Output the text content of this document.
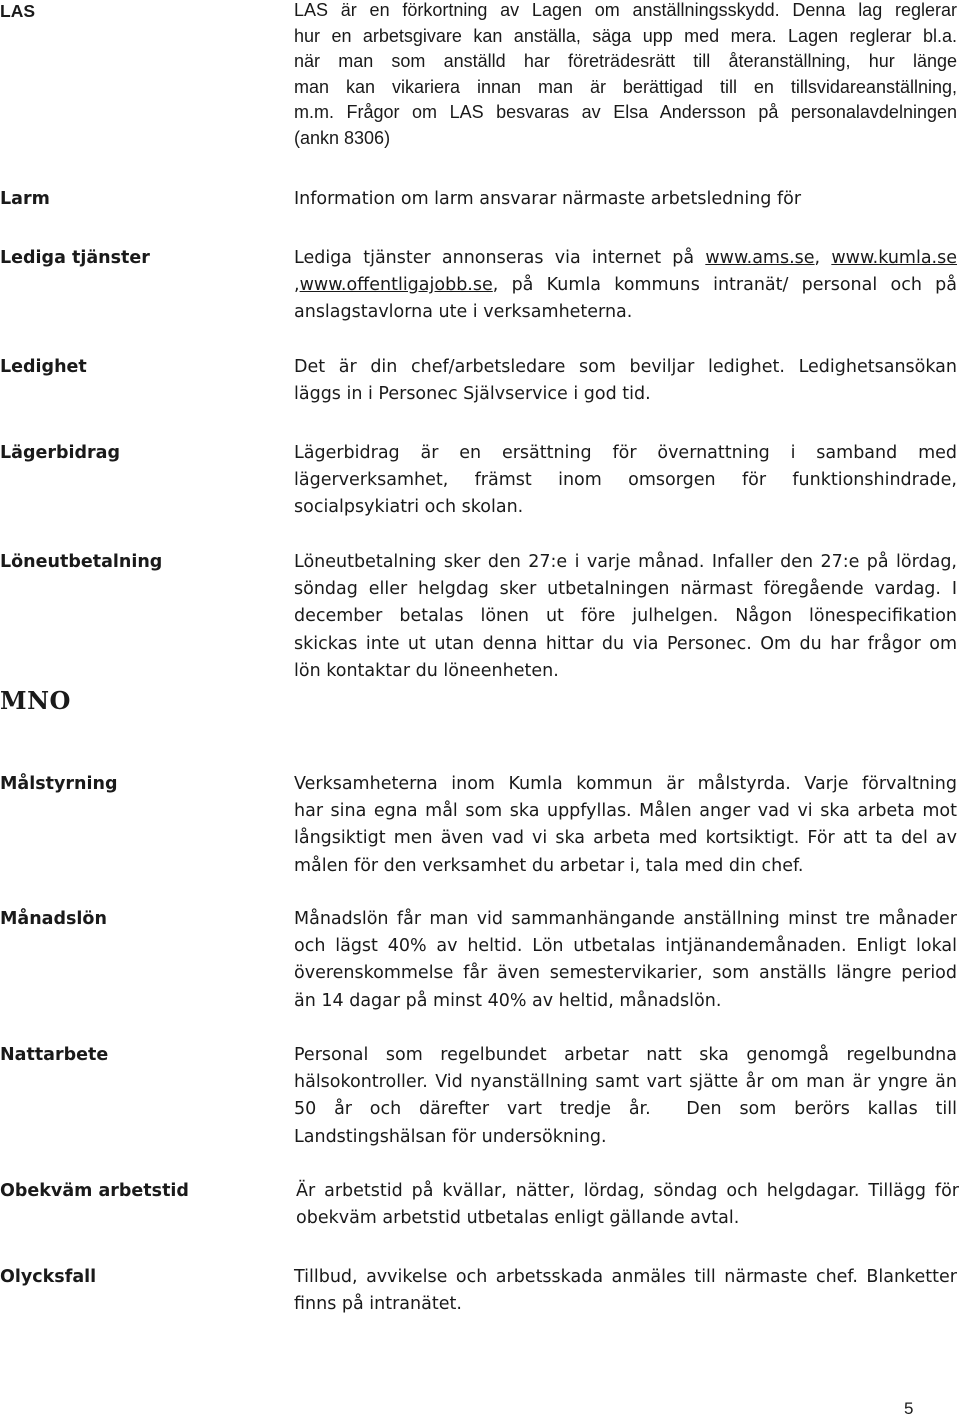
LAS	LAS är en förkortning av Lagen om anställningsskydd. Denna lag reglerar
hur en arbetsgivare kan anställa, säga upp med mera. Lagen reglerar bl.a.
när man som anställd har företrädesrätt till återanställning, hur länge
man kan vikariera innan man är berättigad till en tillsvidareanställning,
m.m. Frågor om LAS besvaras av Elsa Andersson på personalavdelningen
(ankn 8306)
Larm	Information om larm ansvarar närmaste arbetsledning för
Lediga tjänster	Lediga tjänster annonseras via internet på www.ams.se, www.kumla.se
,www.offentligajobb.se, på Kumla kommuns intranät/ personal och på
anslagstavlorna ute i verksamheterna.
Ledighet	Det är din chef/arbetsledare som beviljar ledighet. Ledighetsansökan
läggs in i Personec Självservice i god tid.
Lägerbidrag	Lägerbidrag är en ersättning för övernattning i samband med
lägerverksamhet, främst inom omsorgen för funktionshindrade,
socialpsykiatri och skolan.
Löneutbetalning	Löneutbetalning sker den 27:e i varje månad. Infaller den 27:e på lördag,
söndag eller helgdag sker utbetalningen närmast föregående vardag. I
december betalas lönen ut före julhelgen. Någon lönespecifikation
skickas inte ut utan denna hittar du via Personec. Om du har frågor om
lön kontaktar du löneenheten.
MNO
Målstyrning	Verksamheterna inom Kumla kommun är målstyrda. Varje förvaltning
har sina egna mål som ska uppfyllas. Målen anger vad vi ska arbeta mot
långsiktigt men även vad vi ska arbeta med kortsiktigt. För att ta del av
målen för den verksamhet du arbetar i, tala med din chef.
Månadslön	Månadslön får man vid sammanhängande anställning minst tre månader
och lägst 40% av heltid. Lön utbetalas intjänandemånaden. Enligt lokal
överenskommelse får även semestervikarier, som anställs längre period
än 14 dagar på minst 40% av heltid, månadslön.
Nattarbete	Personal som regelbundet arbetar natt ska genomgå regelbundna
hälsokontroller. Vid nyanställning samt vart sjätte år om man är yngre än
50 år och därefter vart tredje år.  Den som berörs kallas till
Landstingshälsan för undersökning.
Obekväm arbetstid	Är arbetstid på kvällar, nätter, lördag, söndag och helgdagar. Tillägg för
obekväm arbetstid utbetalas enligt gällande avtal.
Olycksfall	Tillbud, avvikelse och arbetsskada anmäles till närmaste chef. Blanketter
finns på intranätet.
5
